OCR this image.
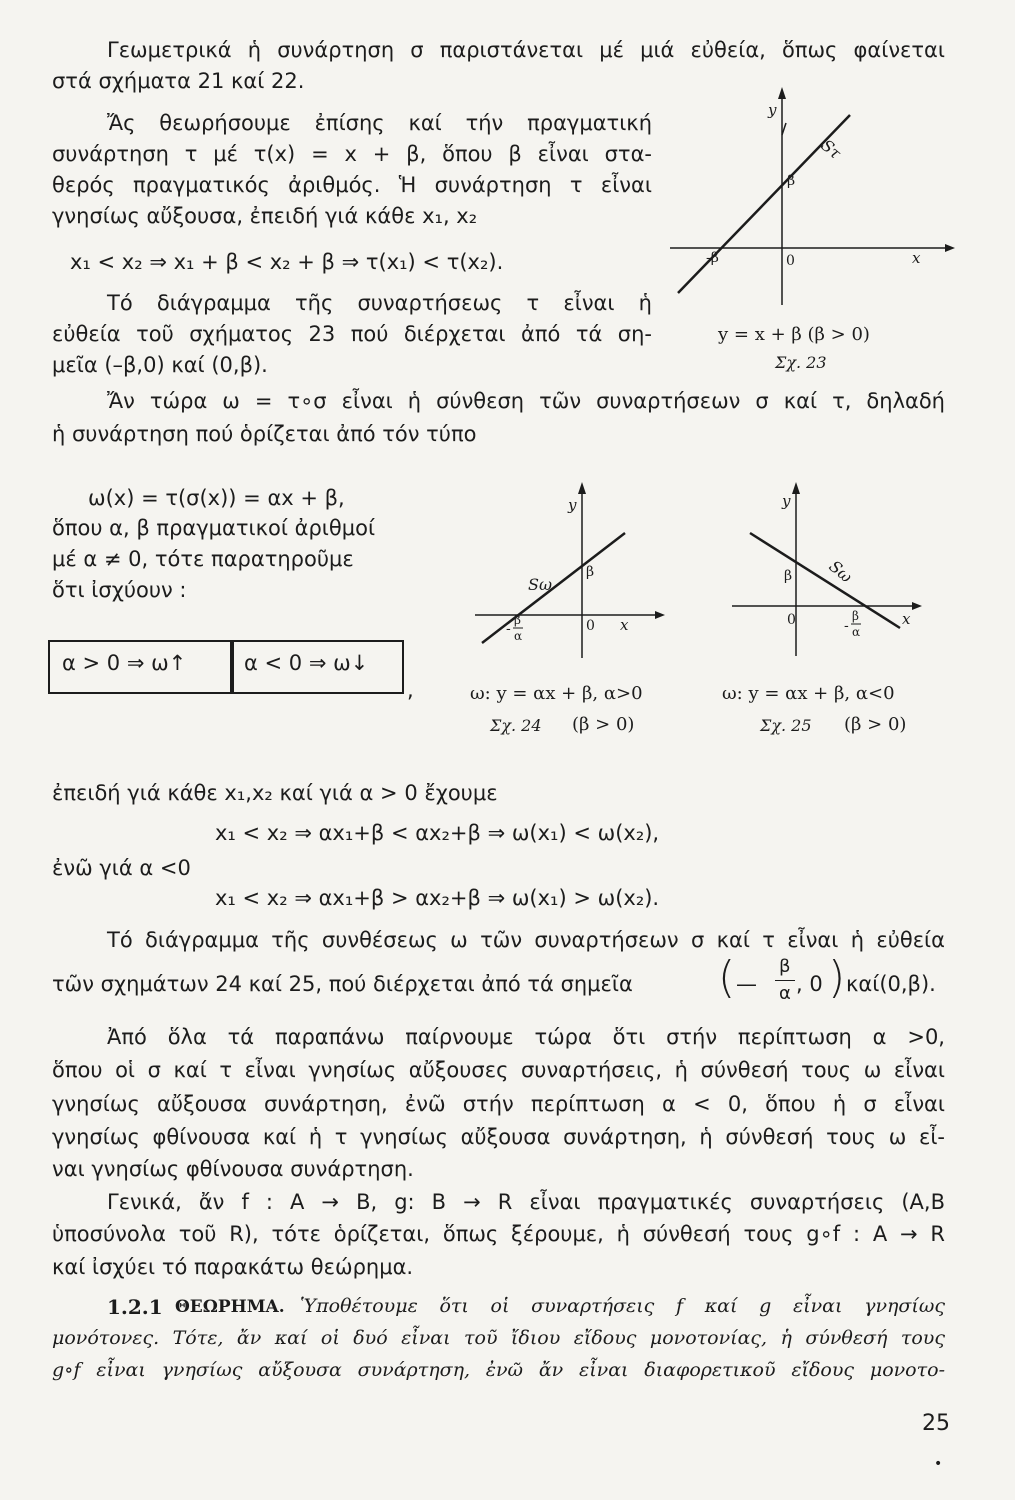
Γεωμετρικά ἡ συνάρτηση σ παριστάνεται μέ μιά εὐθεία, ὅπως φαίνεται
στά σχήματα 21 καί 22.
Ἄς θεωρήσουμε ἐπίσης καί τήν πραγματική
συνάρτηση τ μέ τ(x) = x + β, ὅπου β εἶναι στα-
θερός πραγματικός ἀριθμός. Ἡ συνάρτηση τ εἶναι
γνησίως αὔξουσα, ἐπειδή γιά κάθε x₁, x₂
x₁ < x₂ ⇒ x₁ + β < x₂ + β ⇒ τ(x₁) < τ(x₂).
Τό διάγραμμα τῆς συναρτήσεως τ εἶναι ἡ
εὐθεία τοῦ σχήματος 23 πού διέρχεται ἀπό τά ση-
μεῖα (–β,0) καί (0,β).
Ἄν τώρα ω = τ∘σ εἶναι ἡ σύνθεση τῶν συναρτήσεων σ καί τ, δηλαδή
ἡ συνάρτηση πού ὁρίζεται ἀπό τόν τύπο
y
Sτ
β
-β	0	x
y = x + β (β > 0)
Σχ. 23
ω(x) = τ(σ(x)) = αx + β,
ὅπου α, β πραγματικοί ἀριθμοί
μέ α ≠ 0, τότε παρατηροῦμε
ὅτι ἰσχύουν :
α > 0 ⇒ ω↑	α < 0 ⇒ ω↓
,
y
Sω
β
0 x
-
β
α
ω: y = αx + β, α>0
Σχ. 24 (β > 0)
y
Sω
β
0	x
-
β
α
ω: y = αx + β, α<0
Σχ. 25 (β > 0)
ἐπειδή γιά κάθε x₁,x₂ καί γιά α > 0 ἔχουμε
x₁ < x₂ ⇒ αx₁+β < αx₂+β ⇒ ω(x₁) < ω(x₂),
ἐνῶ γιά α <0
x₁ < x₂ ⇒ αx₁+β > αx₂+β ⇒ ω(x₁) > ω(x₂).
Τό διάγραμμα τῆς συνθέσεως ω τῶν συναρτήσεων σ καί τ εἶναι ἡ εὐθεία
τῶν σχημάτων 24 καί 25, πού διέρχεται ἀπό τά σημεῖα ( —
β
α , 0 ) καί(0,β).
Ἀπό ὅλα τά παραπάνω παίρνουμε τώρα ὅτι στήν περίπτωση α >0,
ὅπου οἱ σ καί τ εἶναι γνησίως αὔξουσες συναρτήσεις, ἡ σύνθεσή τους ω εἶναι
γνησίως αὔξουσα συνάρτηση, ἐνῶ στήν περίπτωση α < 0, ὅπου ἡ σ εἶναι
γνησίως φθίνουσα καί ἡ τ γνησίως αὔξουσα συνάρτηση, ἡ σύνθεσή τους ω εἶ-
ναι γνησίως φθίνουσα συνάρτηση.
Γενικά, ἄν f : A → B, g: B → R εἶναι πραγματικές συναρτήσεις (A,B
ὑποσύνολα τοῦ R), τότε ὁρίζεται, ὅπως ξέρουμε, ἡ σύνθεσή τους g∘f : A → R
καί ἰσχύει τό παρακάτω θεώρημα.
1.2.1 ΘΕΩΡΗΜΑ. Ὑποθέτουμε ὅτι οἱ συναρτήσεις f καί g εἶναι γνησίως
μονότονες. Τότε, ἄν καί οἱ δυό εἶναι τοῦ ἴδιου εἴδους μονοτονίας, ἡ σύνθεσή τους
g∘f εἶναι γνησίως αὔξουσα συνάρτηση, ἐνῶ ἄν εἶναι διαφορετικοῦ εἴδους μονοτο-
25
•
